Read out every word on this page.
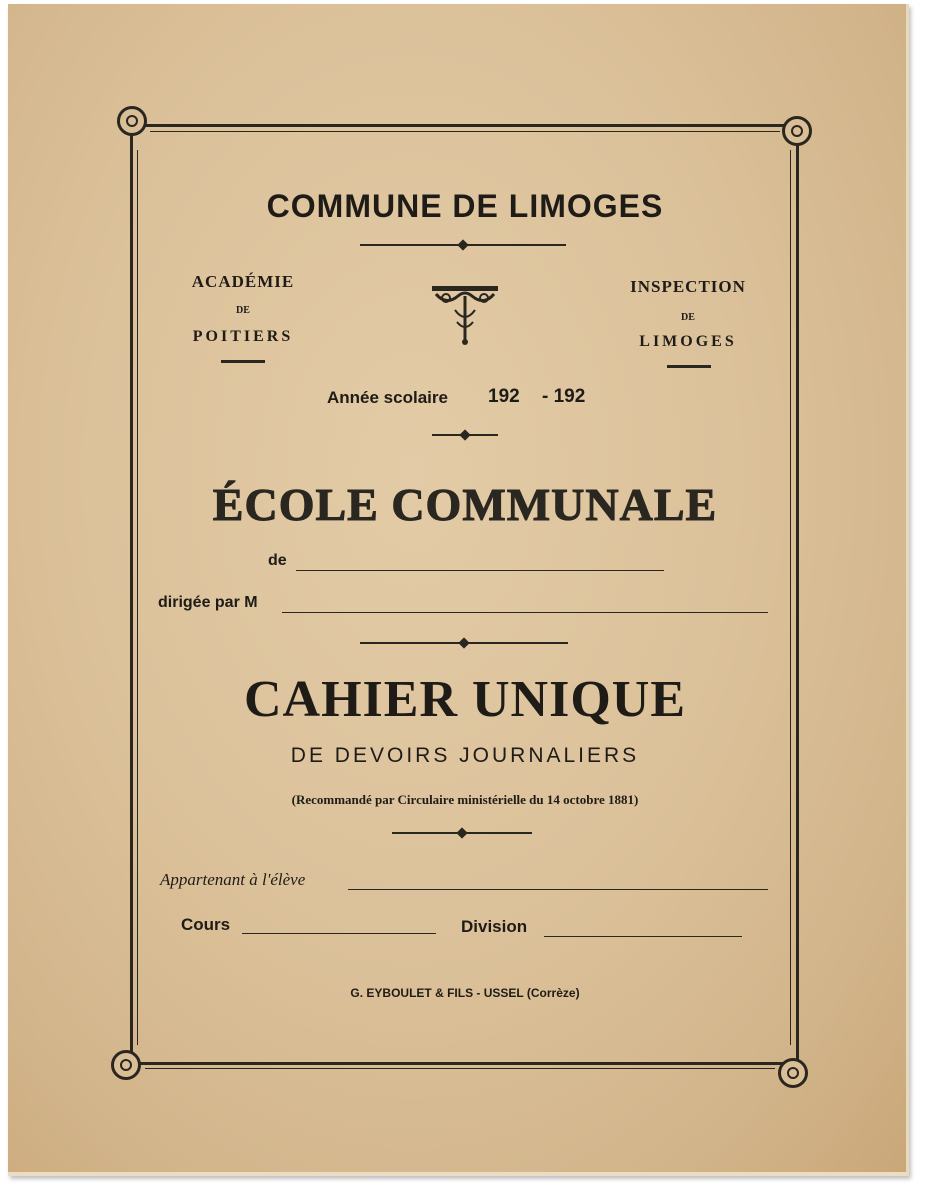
COMMUNE DE LIMOGES
ACADÉMIE
DE
POITIERS
INSPECTION
DE
LIMOGES
Année scolaire 192 - 192
ÉCOLE COMMUNALE
de
dirigée par M
CAHIER UNIQUE
DE DEVOIRS JOURNALIERS
(Recommandé par Circulaire ministérielle du 14 octobre 1881)
Appartenant à l'élève
Cours	Division
G. EYBOULET & FILS - USSEL (Corrèze)
